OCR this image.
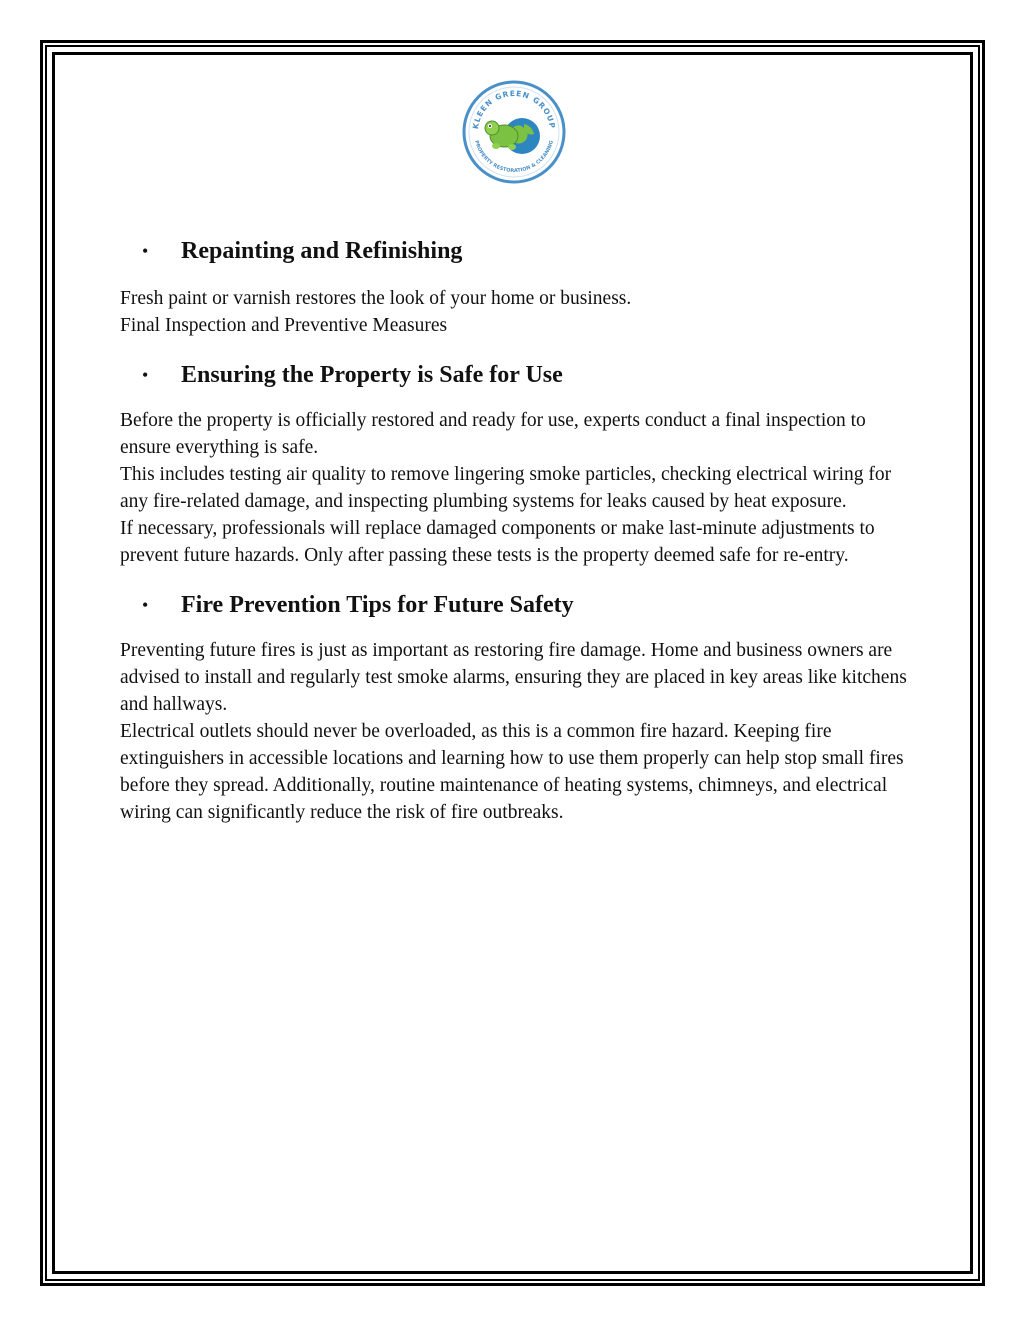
KLEEN GREEN GROUP
PROPERTY RESTORATION & CLEANING
• Repainting and Refinishing

Fresh paint or varnish restores the look of your home or business.

Final Inspection and Preventive Measures

• Ensuring the Property is Safe for Use

Before the property is officially restored and ready for use, experts conduct a final inspection to ensure everything is safe.

This includes testing air quality to remove lingering smoke particles, checking electrical wiring for any fire-related damage, and inspecting plumbing systems for leaks caused by heat exposure.

If necessary, professionals will replace damaged components or make last-minute adjustments to prevent future hazards. Only after passing these tests is the property deemed safe for re-entry.

• Fire Prevention Tips for Future Safety

Preventing future fires is just as important as restoring fire damage. Home and business owners are advised to install and regularly test smoke alarms, ensuring they are placed in key areas like kitchens and hallways.

Electrical outlets should never be overloaded, as this is a common fire hazard. Keeping fire extinguishers in accessible locations and learning how to use them properly can help stop small fires before they spread. Additionally, routine maintenance of heating systems, chimneys, and electrical wiring can significantly reduce the risk of fire outbreaks.
